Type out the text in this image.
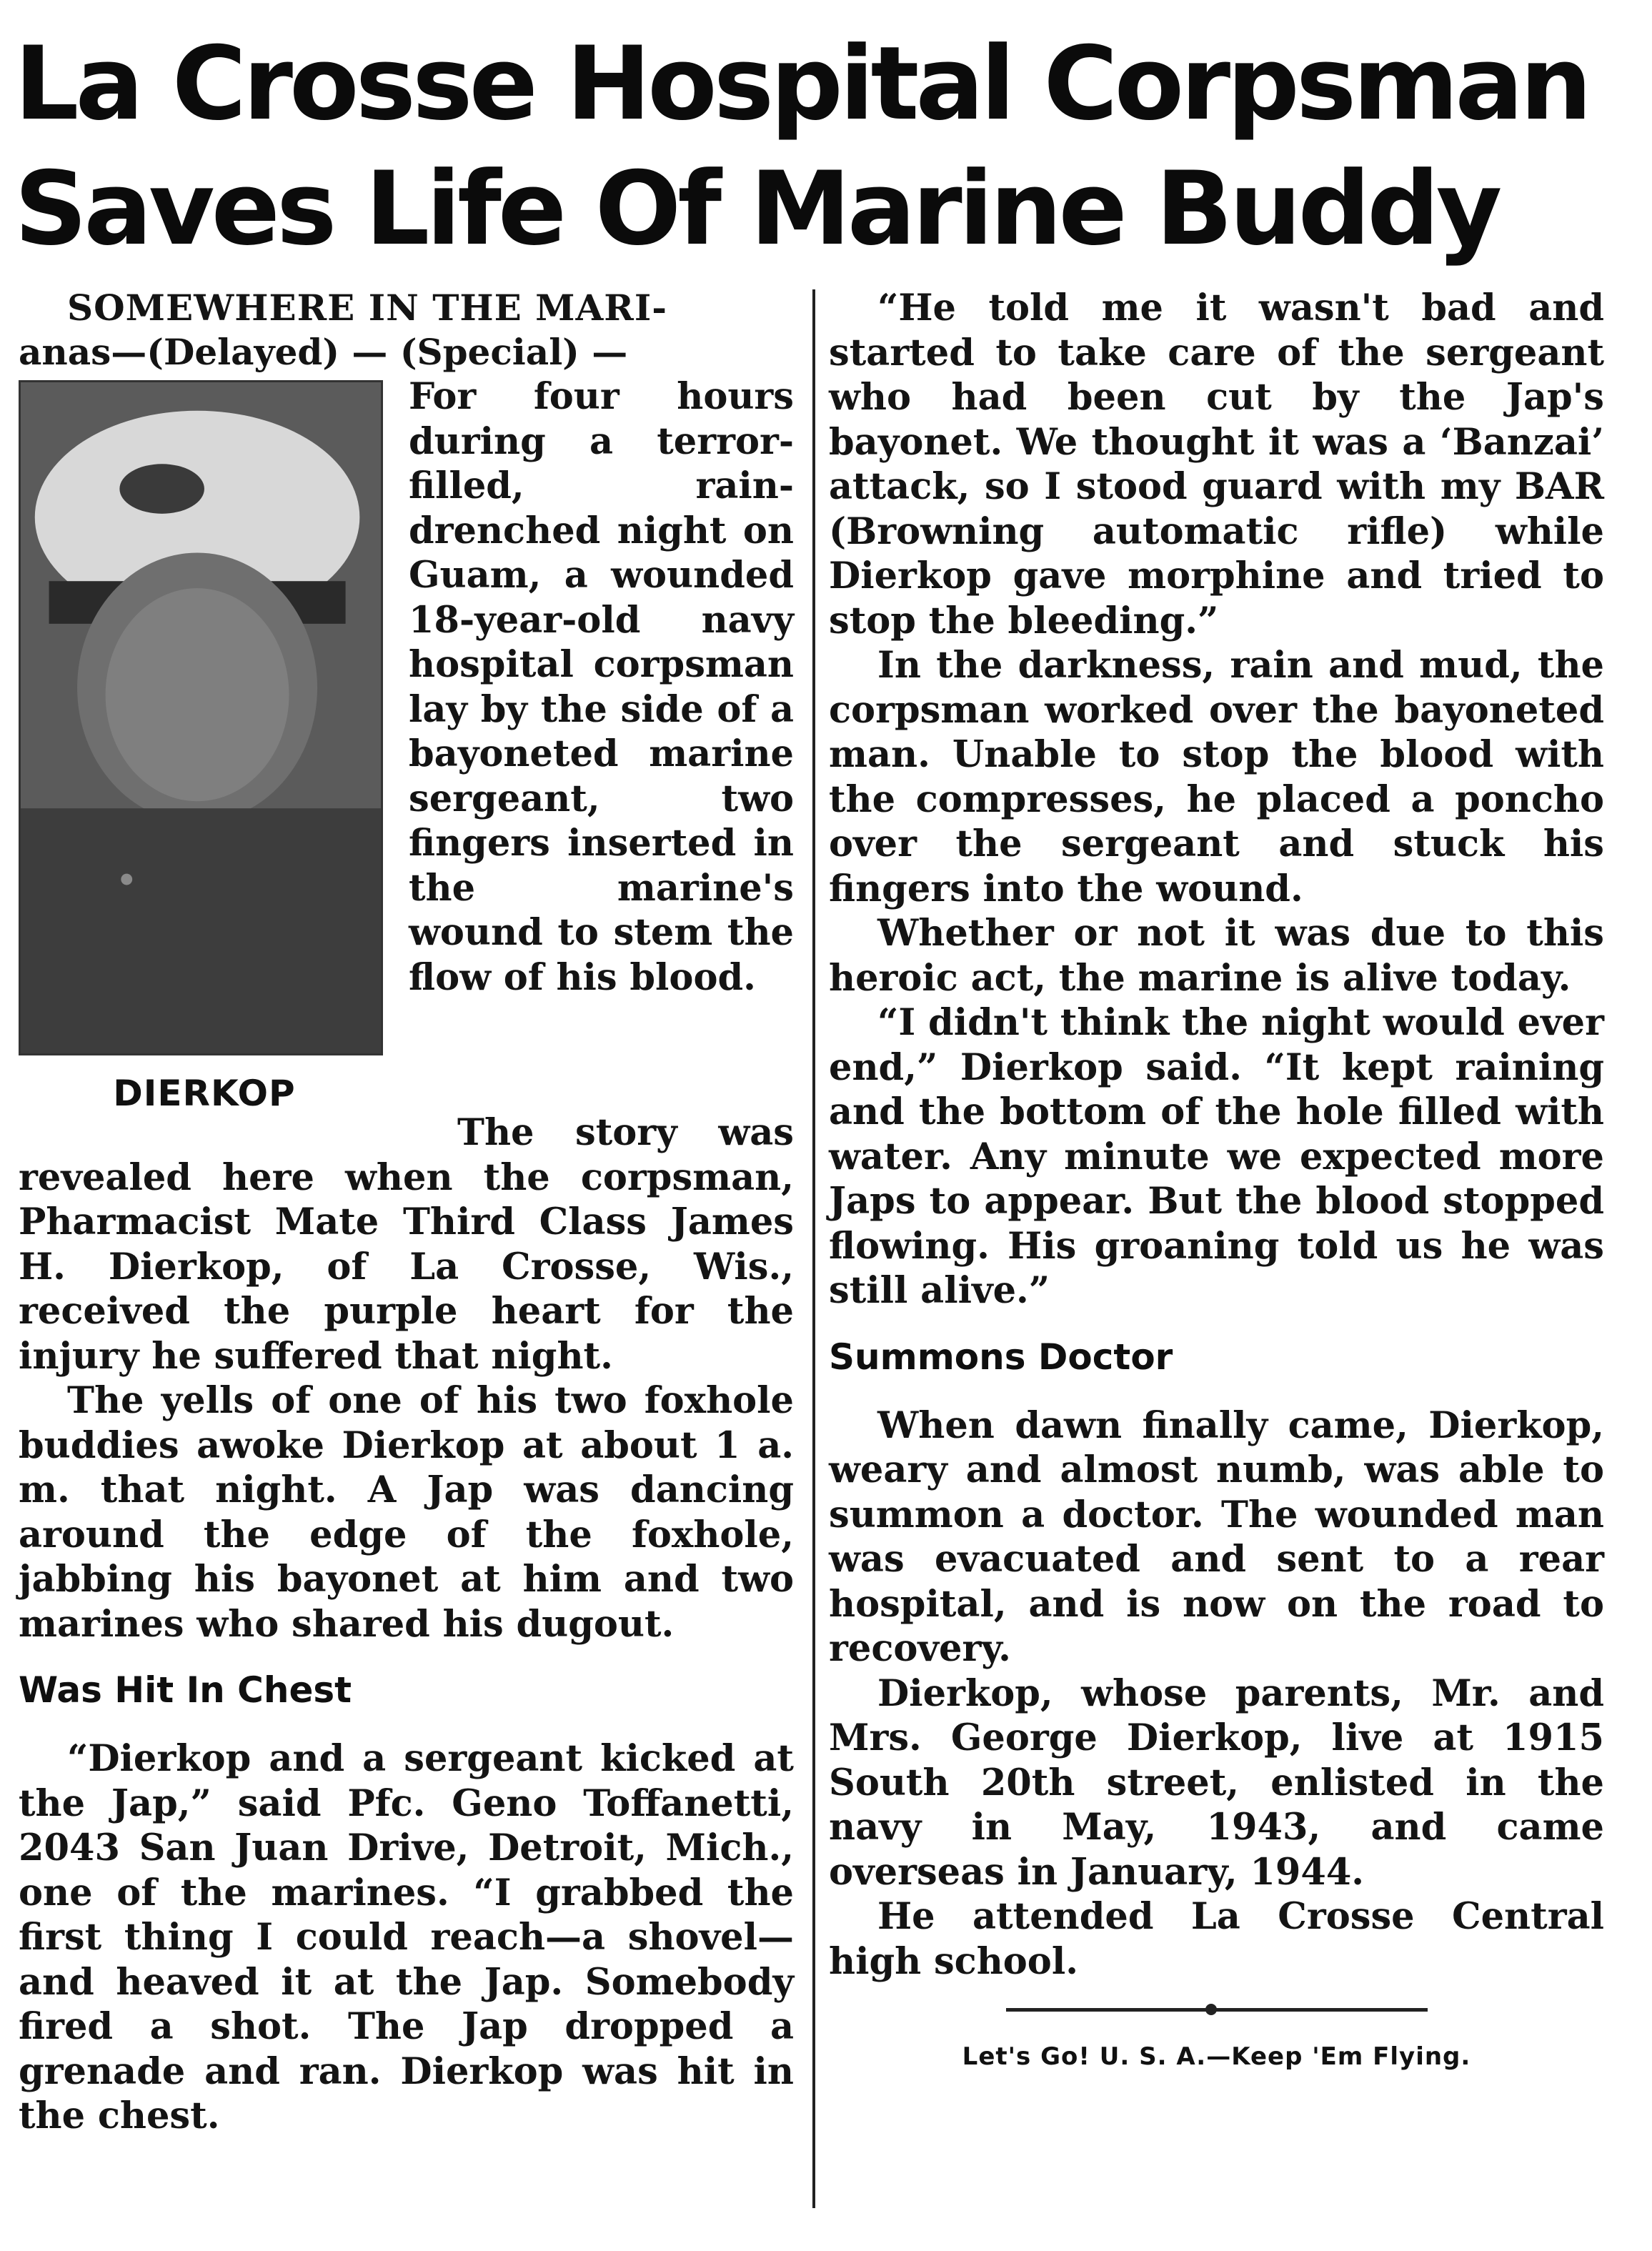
La Crosse Hospital Corpsman
Saves Life Of Marine Buddy

SOMEWHERE IN THE MARI-

anas—(Delayed) — (Special) —

DIERKOP

For four hours during a terror-filled, rain-drenched night on Guam, a wounded 18-year-old navy hospital corpsman lay by the side of a bayoneted marine sergeant, two fingers inserted in the marine's wound to stem the flow of his blood.

The story was revealed here when the corpsman, Pharmacist Mate Third Class James H. Dierkop, of La Crosse, Wis., received the purple heart for the injury he suffered that night.

The yells of one of his two foxhole buddies awoke Dierkop at about 1 a. m. that night. A Jap was dancing around the edge of the foxhole, jabbing his bayonet at him and two marines who shared his dugout.

Was Hit In Chest

“Dierkop and a sergeant kicked at the Jap,” said Pfc. Geno Toffanetti, 2043 San Juan Drive, Detroit, Mich., one of the marines. “I grabbed the first thing I could reach—a shovel—and heaved it at the Jap. Somebody fired a shot. The Jap dropped a grenade and ran. Dierkop was hit in the chest.

“He told me it wasn't bad and started to take care of the sergeant who had been cut by the Jap's bayonet. We thought it was a ‘Banzai’ attack, so I stood guard with my BAR (Browning automatic rifle) while Dierkop gave morphine and tried to stop the bleeding.”

In the darkness, rain and mud, the corpsman worked over the bayoneted man. Unable to stop the blood with the compresses, he placed a poncho over the sergeant and stuck his fingers into the wound.

Whether or not it was due to this heroic act, the marine is alive today.

“I didn't think the night would ever end,” Dierkop said. “It kept raining and the bottom of the hole filled with water. Any minute we expected more Japs to appear. But the blood stopped flowing. His groaning told us he was still alive.”

Summons Doctor

When dawn finally came, Dierkop, weary and almost numb, was able to summon a doctor. The wounded man was evacuated and sent to a rear hospital, and is now on the road to recovery.

Dierkop, whose parents, Mr. and Mrs. George Dierkop, live at 1915 South 20th street, enlisted in the navy in May, 1943, and came overseas in January, 1944.

He attended La Crosse Central high school.

Let's Go! U. S. A.—Keep 'Em Flying.
